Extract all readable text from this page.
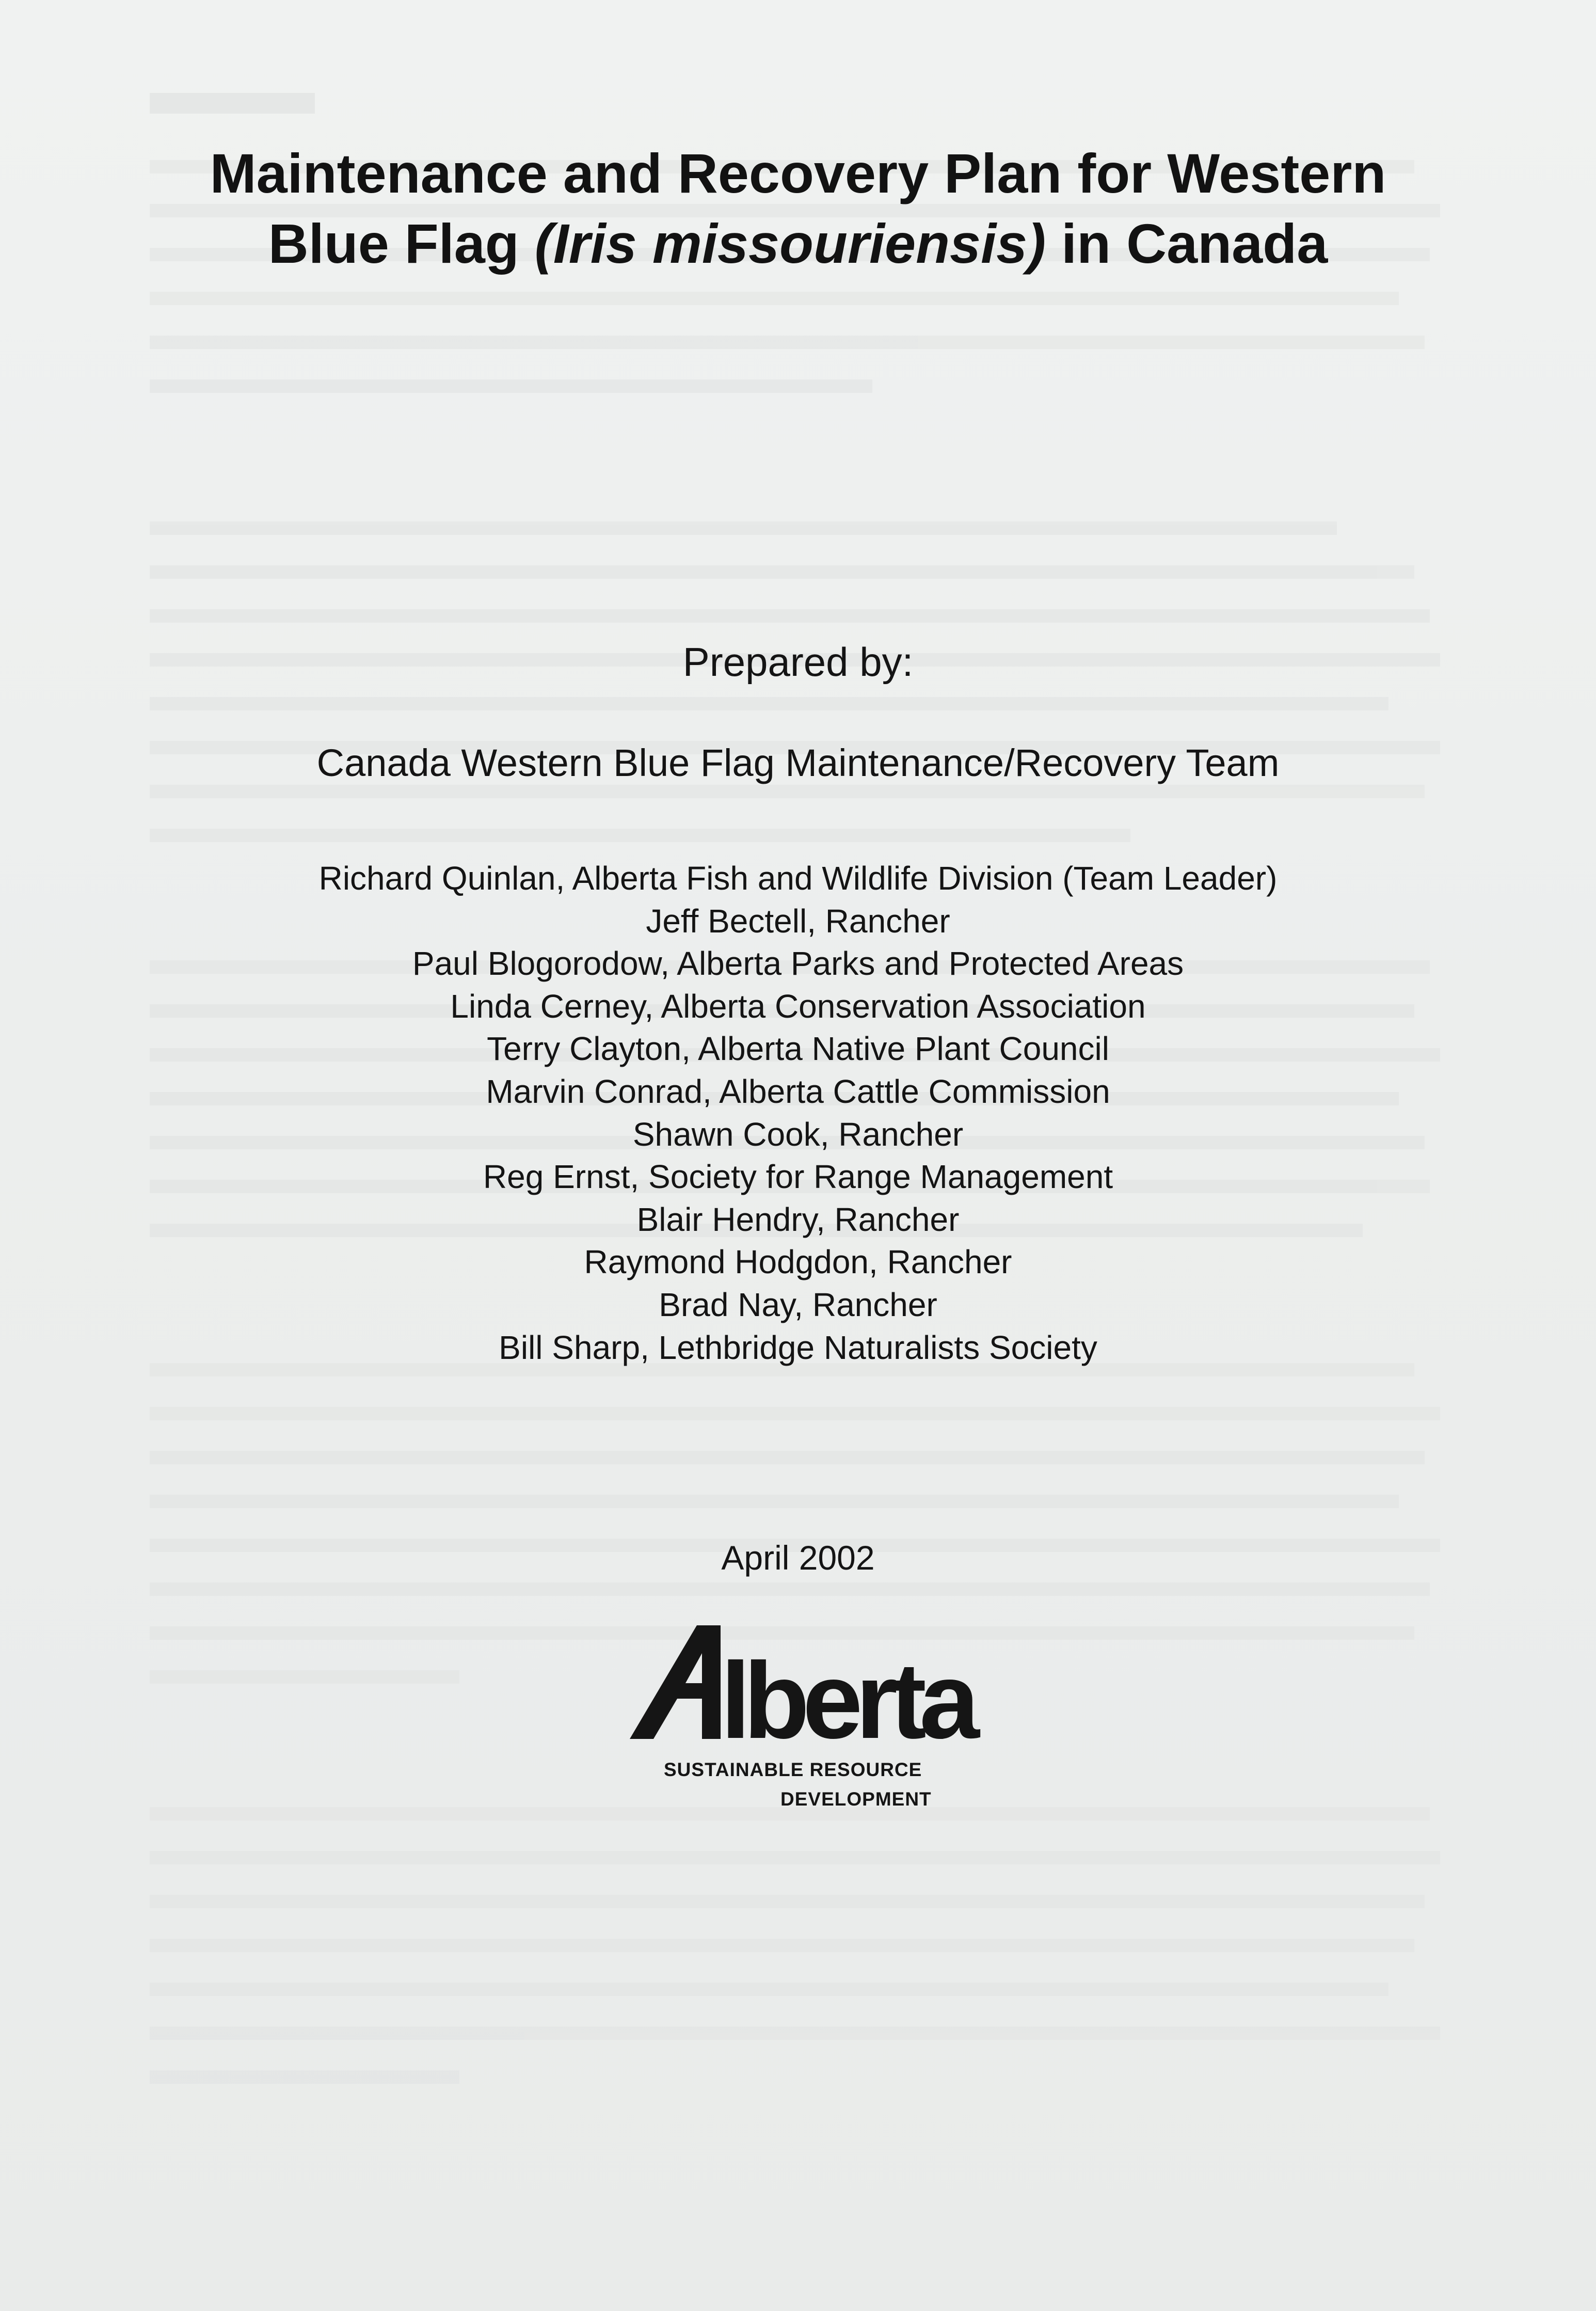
Maintenance and Recovery Plan for Western
Blue Flag (Iris missouriensis) in Canada
Prepared by:
Canada Western Blue Flag Maintenance/Recovery Team
Richard Quinlan, Alberta Fish and Wildlife Division (Team Leader)
Jeff Bectell, Rancher
Paul Blogorodow, Alberta Parks and Protected Areas
Linda Cerney, Alberta Conservation Association
Terry Clayton, Alberta Native Plant Council
Marvin Conrad, Alberta Cattle Commission
Shawn Cook, Rancher
Reg Ernst, Society for Range Management
Blair Hendry, Rancher
Raymond Hodgdon, Rancher
Brad Nay, Rancher
Bill Sharp, Lethbridge Naturalists Society
April 2002
lberta
SUSTAINABLE RESOURCE
DEVELOPMENT
